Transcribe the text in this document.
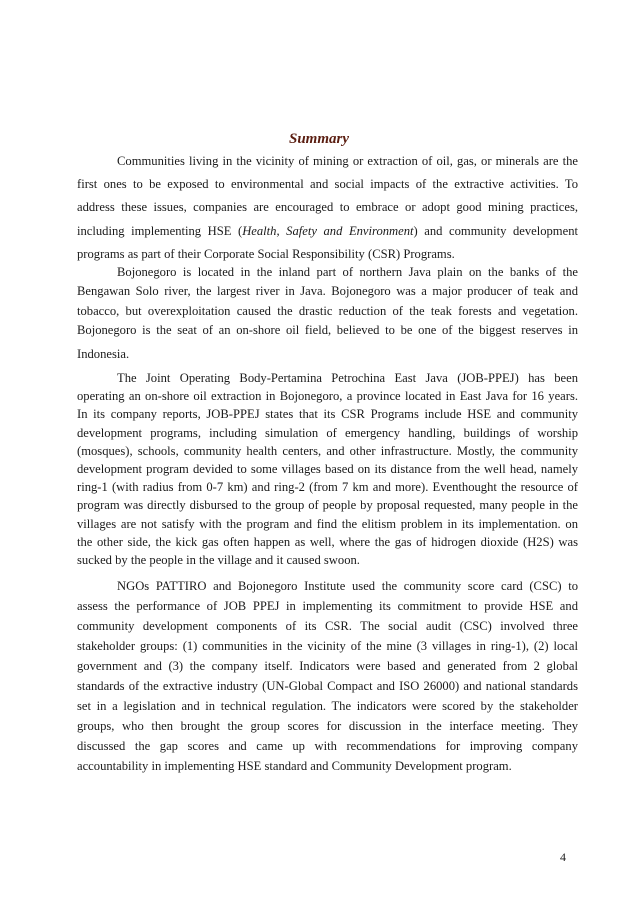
Summary
Communities living in the vicinity of mining or extraction of oil, gas, or minerals are the
first ones to be exposed to environmental and social impacts of the extractive activities. To
address these issues, companies are encouraged to embrace or adopt good mining practices,
including implementing HSE (Health, Safety and Environment) and community development
programs as part of their Corporate Social Responsibility (CSR) Programs.
Bojonegoro is located in the inland part of northern Java plain on the banks of the
Bengawan Solo river, the largest river in Java. Bojonegoro was a major producer of teak and
tobacco, but overexploitation caused the drastic reduction of the teak forests and vegetation.
Bojonegoro is the seat of an on-shore oil field, believed to be one of the biggest reserves in
Indonesia.
The Joint Operating Body-Pertamina Petrochina East Java (JOB-PPEJ) has been
operating an on-shore oil extraction in Bojonegoro, a province located in East Java for 16 years.
In its company reports, JOB-PPEJ states that its CSR Programs include HSE and community
development programs, including simulation of emergency handling, buildings of worship
(mosques), schools, community health centers, and other infrastructure. Mostly, the community
development program devided to some villages based on its distance from the well head, namely
ring-1 (with radius from 0-7 km) and ring-2 (from 7 km and more). Eventhought the resource of
program was directly disbursed to the group of people by proposal requested, many people in the
villages are not satisfy with the program and find the elitism problem in its implementation. on
the other side, the kick gas often happen as well, where the gas of hidrogen dioxide (H2S) was
sucked by the people in the village and it caused swoon.
NGOs PATTIRO and Bojonegoro Institute used the community score card (CSC) to
assess the performance of JOB PPEJ in implementing its commitment to provide HSE and
community development components of its CSR. The social audit (CSC) involved three
stakeholder groups: (1) communities in the vicinity of the mine (3 villages in ring-1), (2) local
government and (3) the company itself. Indicators were based and generated from 2 global
standards of the extractive industry (UN-Global Compact and ISO 26000) and national standards
set in a legislation and in technical regulation. The indicators were scored by the stakeholder
groups, who then brought the group scores for discussion in the interface meeting. They
discussed the gap scores and came up with recommendations for improving company
accountability in implementing HSE standard and Community Development program.
4
